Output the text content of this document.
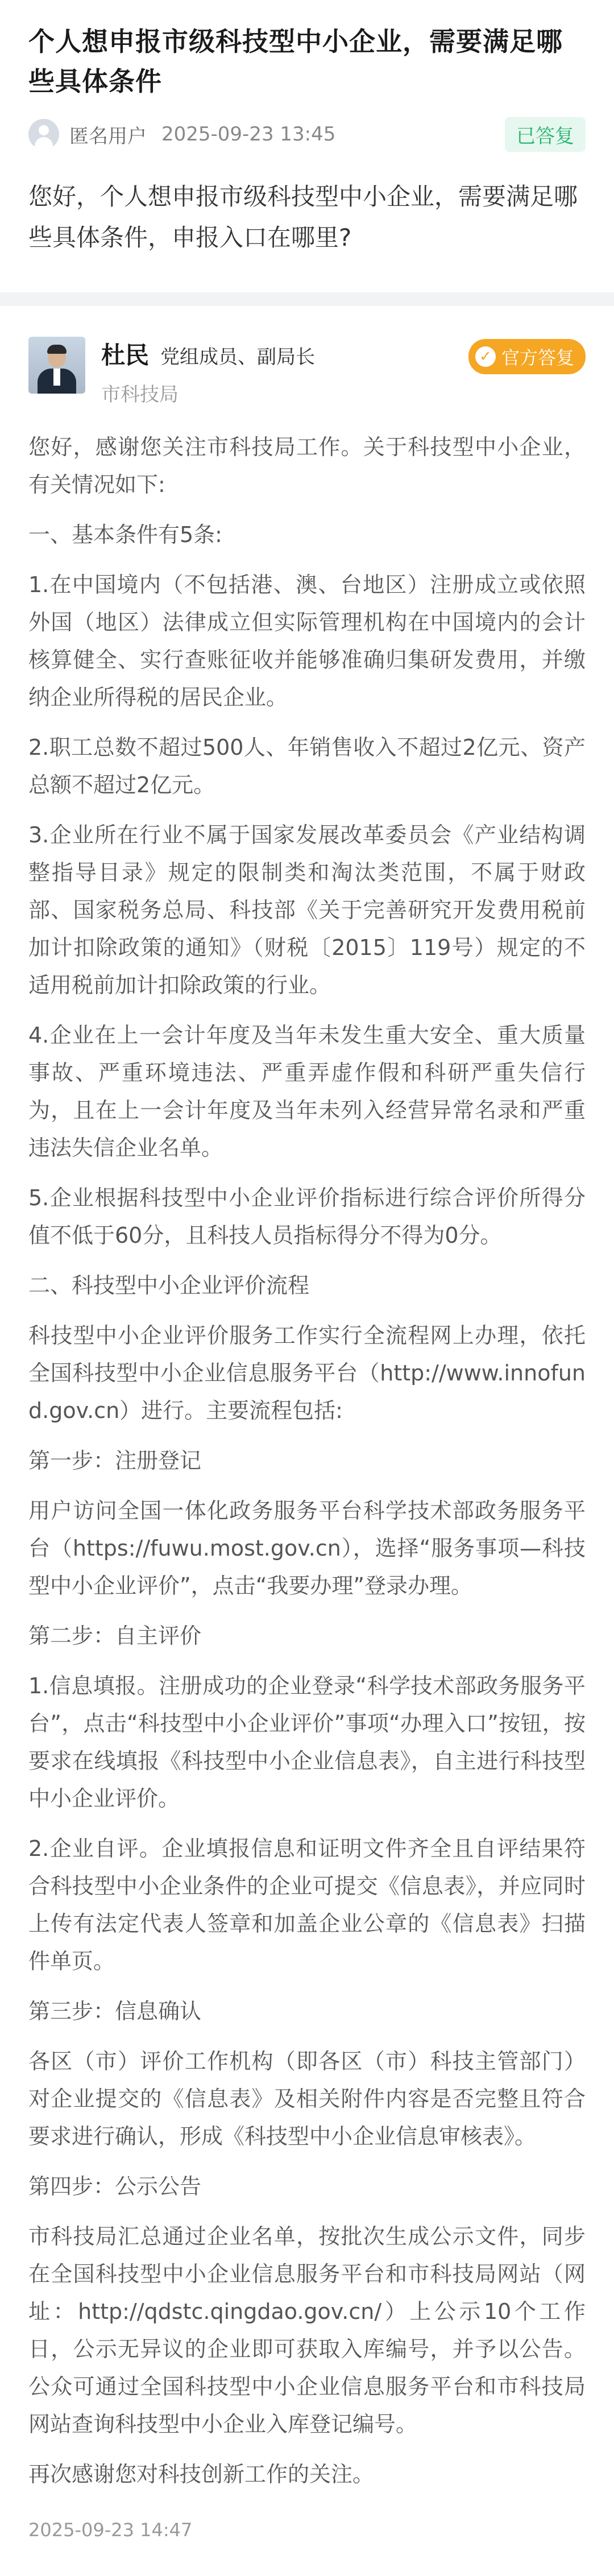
个人想申报市级科技型中小企业，需要满足哪些具体条件
匿名用户 2025-09-23 13:45	已答复

您好，个人想申报市级科技型中小企业，需要满足哪些具体条件，申报入口在哪里?

杜民 党组成员、副局长
市科技局
✓ 官方答复

您好，感谢您关注市科技局工作。关于科技型中小企业，有关情况如下:

一、基本条件有5条:

1.在中国境内（不包括港、澳、台地区）注册成立或依照外国（地区）法律成立但实际管理机构在中国境内的会计核算健全、实行查账征收并能够准确归集研发费用，并缴纳企业所得税的居民企业。

2.职工总数不超过500人、年销售收入不超过2亿元、资产总额不超过2亿元。

3.企业所在行业不属于国家发展改革委员会《产业结构调整指导目录》规定的限制类和淘汰类范围，不属于财政部、国家税务总局、科技部《关于完善研究开发费用税前加计扣除政策的通知》（财税〔2015〕119号）规定的不适用税前加计扣除政策的行业。

4.企业在上一会计年度及当年未发生重大安全、重大质量事故、严重环境违法、严重弄虚作假和科研严重失信行为，且在上一会计年度及当年未列入经营异常名录和严重违法失信企业名单。

5.企业根据科技型中小企业评价指标进行综合评价所得分值不低于60分，且科技人员指标得分不得为0分。

二、科技型中小企业评价流程

科技型中小企业评价服务工作实行全流程网上办理，依托全国科技型中小企业信息服务平台（http://www.innofund.gov.cn）进行。主要流程包括:

第一步：注册登记

用户访问全国一体化政务服务平台科学技术部政务服务平台（https://fuwu.most.gov.cn），选择“服务事项—科技型中小企业评价”，点击“我要办理”登录办理。

第二步：自主评价

1.信息填报。注册成功的企业登录“科学技术部政务服务平台”，点击“科技型中小企业评价”事项“办理入口”按钮，按要求在线填报《科技型中小企业信息表》，自主进行科技型中小企业评价。

2.企业自评。企业填报信息和证明文件齐全且自评结果符合科技型中小企业条件的企业可提交《信息表》，并应同时上传有法定代表人签章和加盖企业公章的《信息表》扫描件单页。

第三步：信息确认

各区（市）评价工作机构（即各区（市）科技主管部门）对企业提交的《信息表》及相关附件内容是否完整且符合要求进行确认，形成《科技型中小企业信息审核表》。

第四步：公示公告

市科技局汇总通过企业名单，按批次生成公示文件，同步在全国科技型中小企业信息服务平台和市科技局网站（网址：http://qdstc.qingdao.gov.cn/）上公示10个工作日，公示无异议的企业即可获取入库编号，并予以公告。公众可通过全国科技型中小企业信息服务平台和市科技局网站查询科技型中小企业入库登记编号。

再次感谢您对科技创新工作的关注。

2025-09-23 14:47
